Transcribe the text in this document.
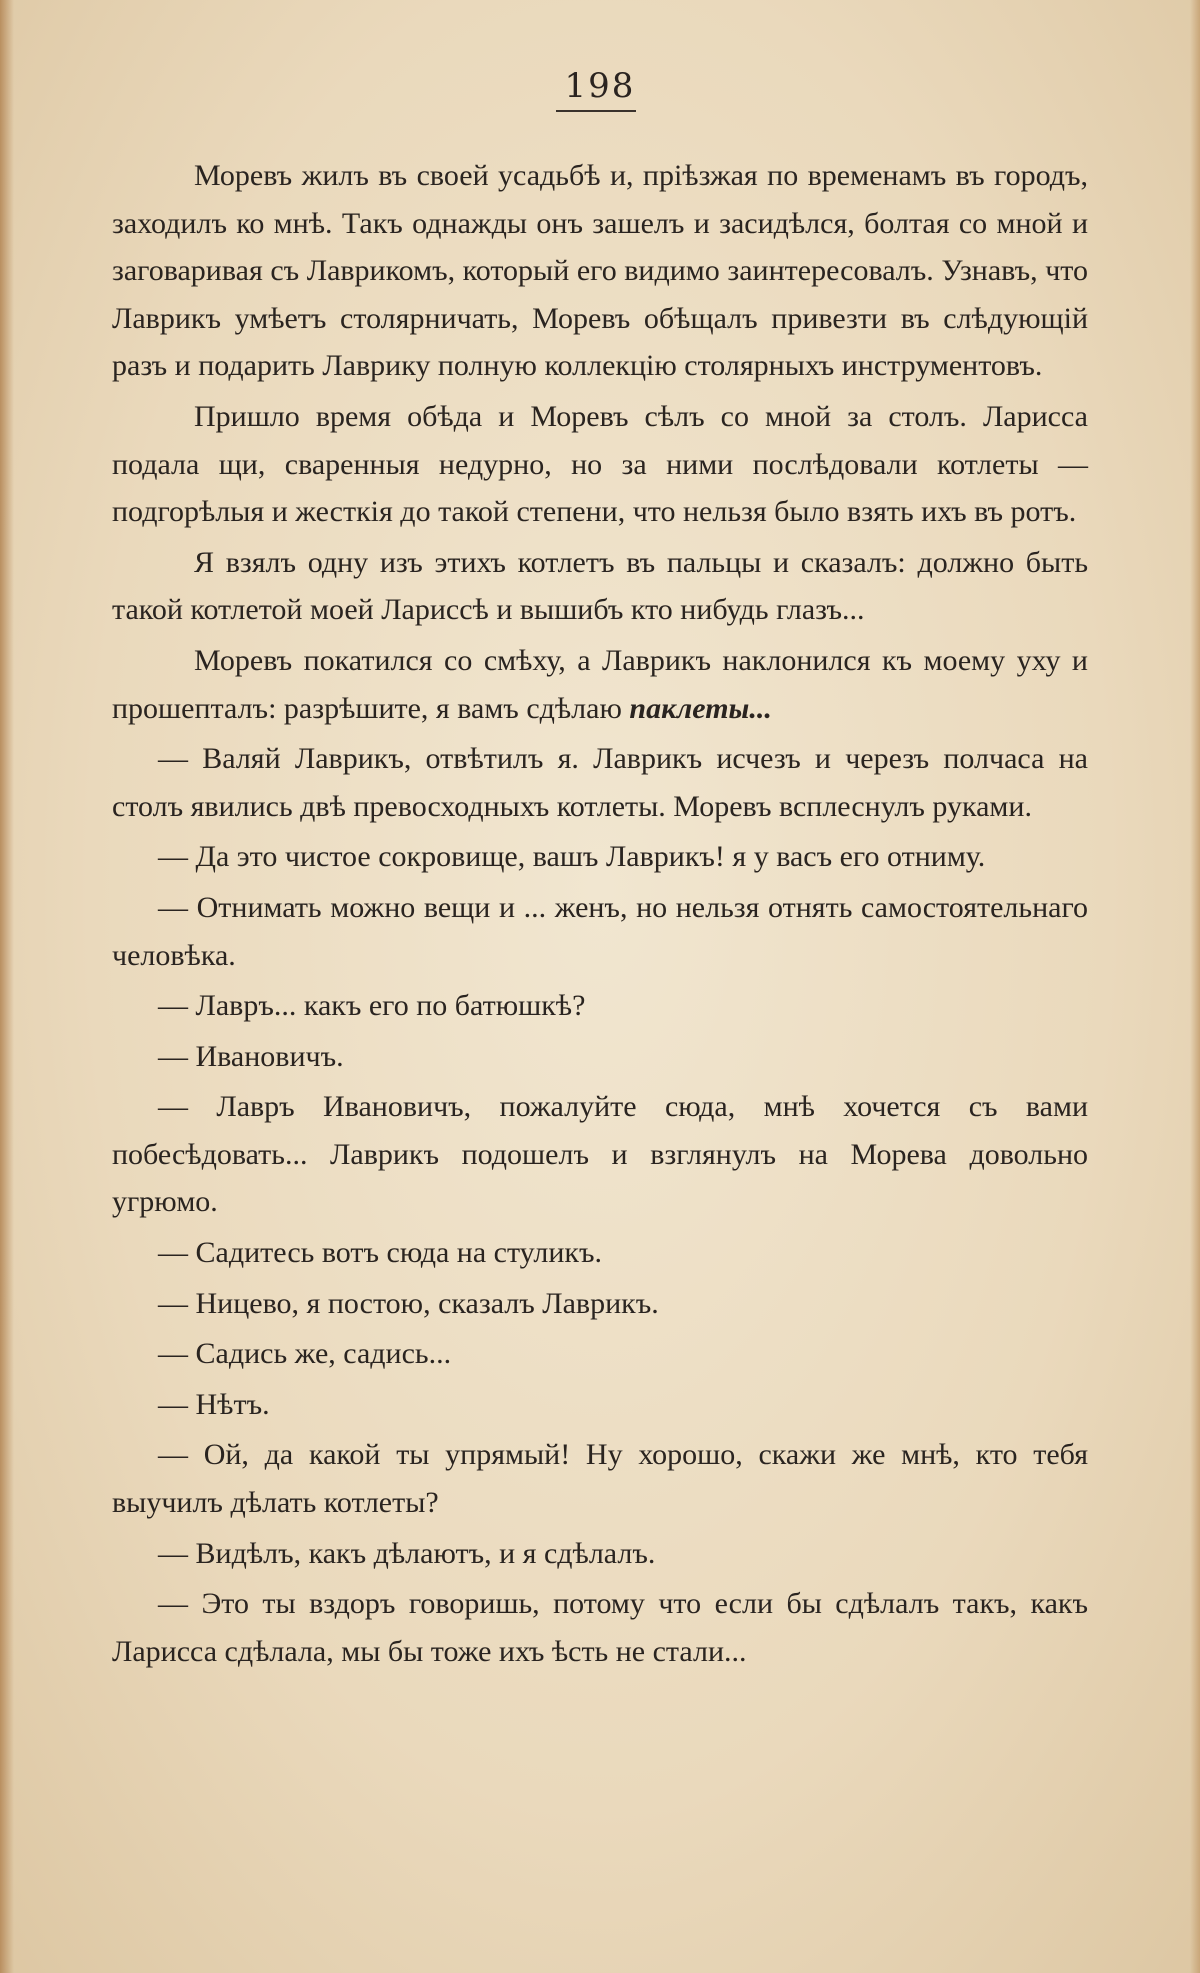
198

Моревъ жилъ въ своей усадьбѣ и, пріѣзжая по временамъ въ городъ, заходилъ ко мнѣ. Такъ однажды онъ зашелъ и засидѣлся, болтая со мной и заговаривая съ Лаврикомъ, который его видимо заинтересовалъ. Узнавъ, что Лаврикъ умѣетъ столярничать, Моревъ обѣщалъ привезти въ слѣдующій разъ и подарить Лаврику полную коллекцію столярныхъ инструментовъ.

Пришло время обѣда и Моревъ сѣлъ со мной за столъ. Ларисса подала щи, сваренныя недурно, но за ними послѣдовали котлеты — подгорѣлыя и жесткія до такой степени, что нельзя было взять ихъ въ ротъ.

Я взялъ одну изъ этихъ котлетъ въ пальцы и сказалъ: должно быть такой котлетой моей Лариссѣ и вышибъ кто нибудь глазъ...

Моревъ покатился со смѣху, а Лаврикъ наклонился къ моему уху и прошепталъ: разрѣшите, я вамъ сдѣлаю паклеты...

— Валяй Лаврикъ, отвѣтилъ я. Лаврикъ исчезъ и черезъ полчаса на столъ явились двѣ превосходныхъ котлеты. Моревъ всплеснулъ руками.

— Да это чистое сокровище, вашъ Лаврикъ! я у васъ его отниму.

— Отнимать можно вещи и ... женъ, но нельзя отнять самостоятельнаго человѣка.

— Лавръ... какъ его по батюшкѣ?

— Ивановичъ.

— Лавръ Ивановичъ, пожалуйте сюда, мнѣ хочется съ вами побесѣдовать... Лаврикъ подошелъ и взглянулъ на Морева довольно угрюмо.

— Садитесь вотъ сюда на стуликъ.

— Ницево, я постою, сказалъ Лаврикъ.

— Садись же, садись...

— Нѣтъ.

— Ой, да какой ты упрямый! Ну хорошо, скажи же мнѣ, кто тебя выучилъ дѣлать котлеты?

— Видѣлъ, какъ дѣлаютъ, и я сдѣлалъ.

— Это ты вздоръ говоришь, потому что если бы сдѣлалъ такъ, какъ Ларисса сдѣлала, мы бы тоже ихъ ѣсть не стали...
